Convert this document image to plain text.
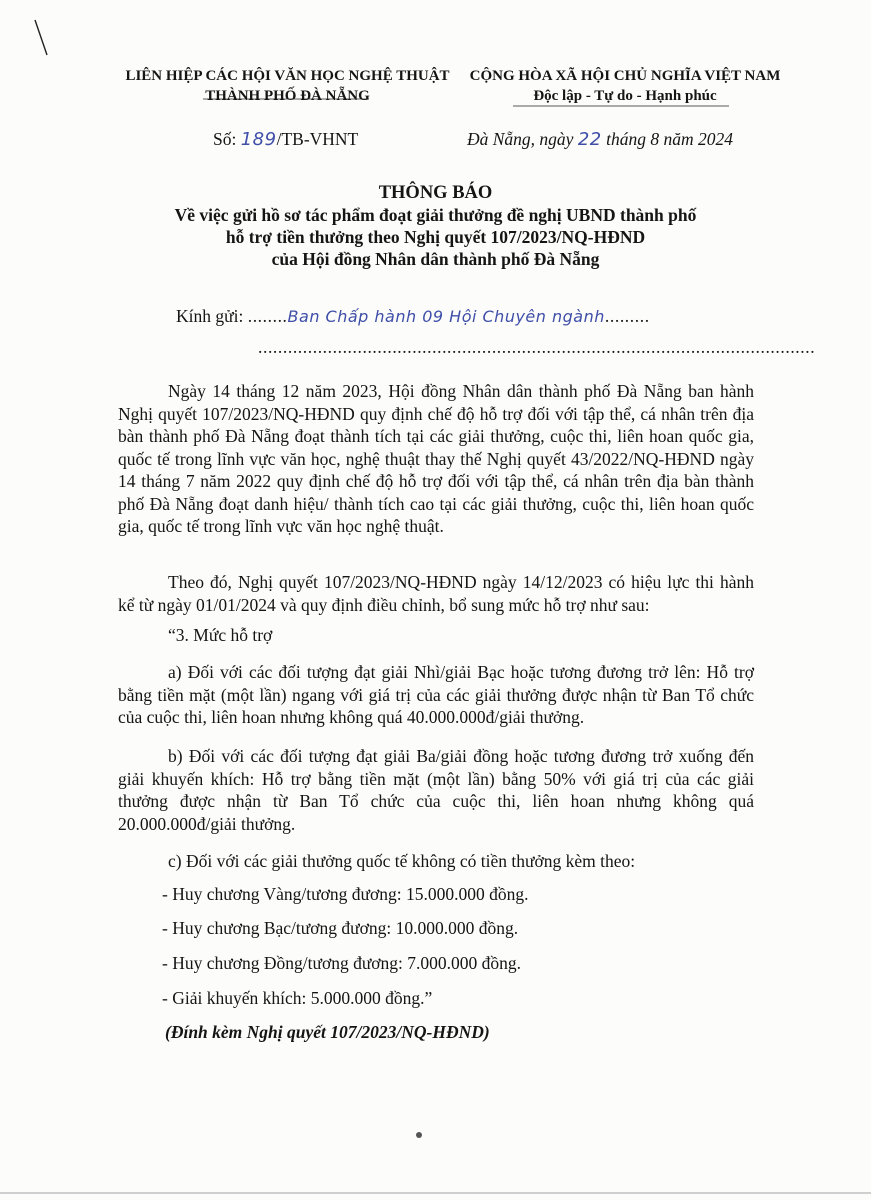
LIÊN HIỆP CÁC HỘI VĂN HỌC NGHỆ THUẬT
THÀNH PHỐ ĐÀ NẴNG
CỘNG HÒA XÃ HỘI CHỦ NGHĨA VIỆT NAM
Độc lập - Tự do - Hạnh phúc
Số: 189/TB-VHNT	Đà Nẵng, ngày 22 tháng 8 năm 2024
THÔNG BÁO
Về việc gửi hồ sơ tác phẩm đoạt giải thưởng đề nghị UBND thành phố
hỗ trợ tiền thưởng theo Nghị quyết 107/2023/NQ-HĐND
của Hội đồng Nhân dân thành phố Đà Nẵng
Kính gửi: ........Ban Chấp hành 09 Hội Chuyên ngành.........
................................................................................................................
Ngày 14 tháng 12 năm 2023, Hội đồng Nhân dân thành phố Đà Nẵng ban hành Nghị quyết 107/2023/NQ-HĐND quy định chế độ hỗ trợ đối với tập thể, cá nhân trên địa bàn thành phố Đà Nẵng đoạt thành tích tại các giải thưởng, cuộc thi, liên hoan quốc gia, quốc tế trong lĩnh vực văn học, nghệ thuật thay thế Nghị quyết 43/2022/NQ-HĐND ngày 14 tháng 7 năm 2022 quy định chế độ hỗ trợ đối với tập thể, cá nhân trên địa bàn thành phố Đà Nẵng đoạt danh hiệu/ thành tích cao tại các giải thưởng, cuộc thi, liên hoan quốc gia, quốc tế trong lĩnh vực văn học nghệ thuật.
Theo đó, Nghị quyết 107/2023/NQ-HĐND ngày 14/12/2023 có hiệu lực thi hành kể từ ngày 01/01/2024 và quy định điều chỉnh, bổ sung mức hỗ trợ như sau:
“3. Mức hỗ trợ
a) Đối với các đối tượng đạt giải Nhì/giải Bạc hoặc tương đương trở lên: Hỗ trợ bằng tiền mặt (một lần) ngang với giá trị của các giải thưởng được nhận từ Ban Tổ chức của cuộc thi, liên hoan nhưng không quá 40.000.000đ/giải thưởng.
b) Đối với các đối tượng đạt giải Ba/giải đồng hoặc tương đương trở xuống đến giải khuyến khích: Hỗ trợ bằng tiền mặt (một lần) bằng 50% với giá trị của các giải thưởng được nhận từ Ban Tổ chức của cuộc thi, liên hoan nhưng không quá 20.000.000đ/giải thưởng.
c) Đối với các giải thưởng quốc tế không có tiền thưởng kèm theo:
- Huy chương Vàng/tương đương: 15.000.000 đồng.
- Huy chương Bạc/tương đương: 10.000.000 đồng.
- Huy chương Đồng/tương đương: 7.000.000 đồng.
- Giải khuyến khích: 5.000.000 đồng.”
(Đính kèm Nghị quyết 107/2023/NQ-HĐND)
